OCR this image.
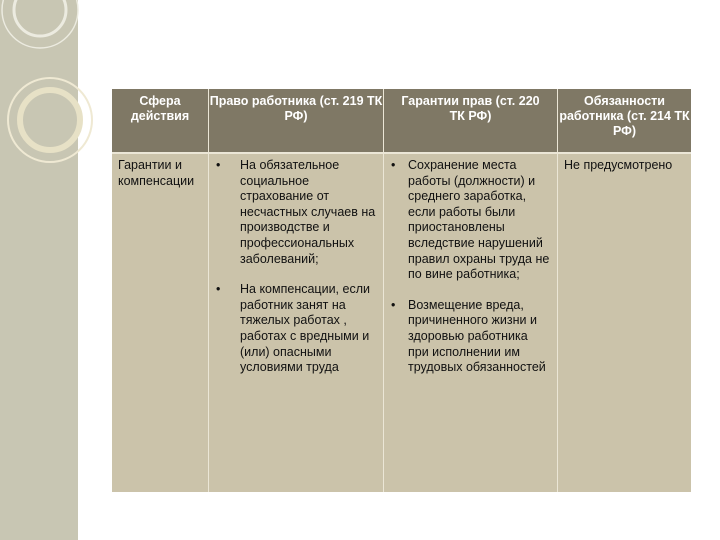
Сфера действия
Право работника (ст. 219 ТК РФ)
Гарантии прав (ст. 220 ТК РФ)
Обязанности работника (ст. 214 ТК РФ)
Гарантии и компенсации
• На обязательное социальное страхование от несчастных случаев на производстве и профессиональных заболеваний;
• На компенсации, если работник занят на тяжелых работах , работах с вредными и (или) опасными условиями труда
• Сохранение места работы (должности) и среднего заработка, если работы были приостановлены вследствие нарушений правил охраны труда не по вине работника;
• Возмещение вреда, причиненного жизни и здоровью работника при исполнении им трудовых обязанностей
Не предусмотрено
